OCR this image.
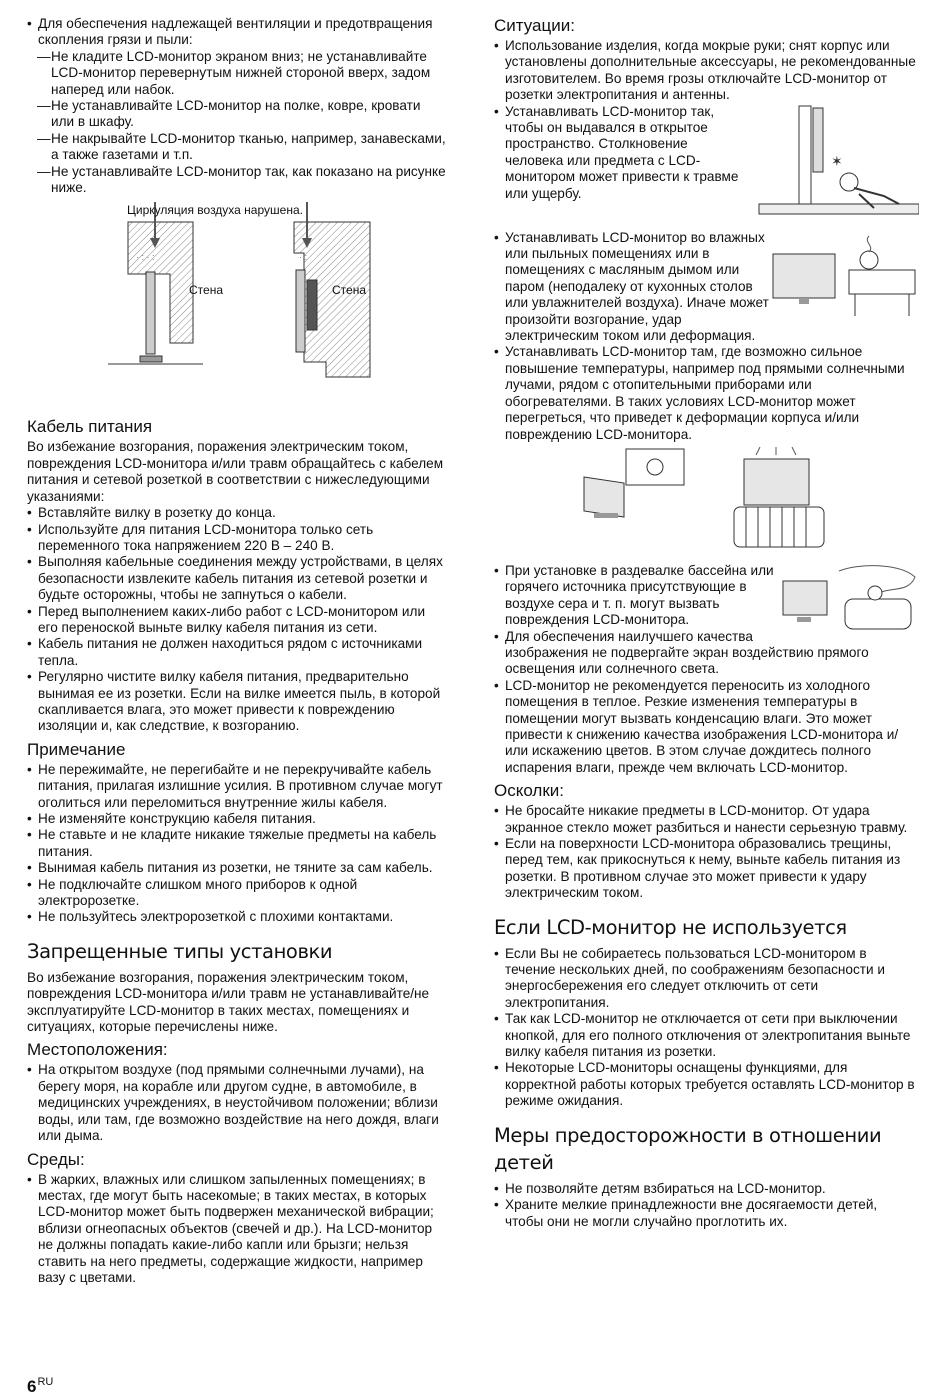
• Для обеспечения надлежащей вентиляции и предотвращения скопления грязи и пыли:
— Не кладите LCD-монитор экраном вниз; не устанавливайте LCD-монитор перевернутым нижней стороной вверх, задом наперед или набок.
— Не устанавливайте LCD-монитор на полке, ковре, кровати или в шкафу.
— Не накрывайте LCD-монитор тканью, например, занавесками, а также газетами и т.п.
— Не устанавливайте LCD-монитор так, как показано на рисунке ниже.
Циркуляция воздуха нарушена.
· : · :	· :
Стена	Стена
Кабель питания

Во избежание возгорания, поражения электрическим током, повреждения LCD-монитора и/или травм обращайтесь с кабелем питания и сетевой розеткой в соответствии с нижеследующими указаниями:

• Вставляйте вилку в розетку до конца.
• Используйте для питания LCD-монитора только сеть переменного тока напряжением 220 В – 240 В.
• Выполняя кабельные соединения между устройствами, в целях безопасности извлеките кабель питания из сетевой розетки и будьте осторожны, чтобы не запнуться о кабели.
• Перед выполнением каких-либо работ с LCD-монитором или его переноской выньте вилку кабеля питания из сети.
• Кабель питания не должен находиться рядом с источниками тепла.
• Регулярно чистите вилку кабеля питания, предварительно вынимая ее из розетки. Если на вилке имеется пыль, в которой скапливается влага, это может привести к повреждению изоляции и, как следствие, к возгоранию.
Примечание
• Не пережимайте, не перегибайте и не перекручивайте кабель питания, прилагая излишние усилия. В противном случае могут оголиться или переломиться внутренние жилы кабеля.
• Не изменяйте конструкцию кабеля питания.
• Не ставьте и не кладите никакие тяжелые предметы на кабель питания.
• Вынимая кабель питания из розетки, не тяните за сам кабель.
• Не подключайте слишком много приборов к одной электророзетке.
• Не пользуйтесь электророзеткой с плохими контактами.
Запрещенные типы установки

Во избежание возгорания, поражения электрическим током, повреждения LCD-монитора и/или травм не устанавливайте/не эксплуатируйте LCD-монитор в таких местах, помещениях и ситуациях, которые перечислены ниже.

Местоположения:
• На открытом воздухе (под прямыми солнечными лучами), на берегу моря, на корабле или другом судне, в автомобиле, в медицинских учреждениях, в неустойчивом положении; вблизи воды, или там, где возможно воздействие на него дождя, влаги или дыма.
Среды:
• В жарких, влажных или слишком запыленных помещениях; в местах, где могут быть насекомые; в таких местах, в которых LCD-монитор может быть подвержен механической вибрации; вблизи огнеопасных объектов (свечей и др.). На LCD-монитор не должны попадать какие-либо капли или брызги; нельзя ставить на него предметы, содержащие жидкости, например вазу с цветами.
Ситуации:
• Использование изделия, когда мокрые руки; снят корпус или установлены дополнительные аксессуары, не рекомендованные изготовителем. Во время грозы отключайте LCD-монитор от розетки электропитания и антенны.
• ✶
Устанавливать LCD-монитор так, чтобы он выдавался в открытое пространство. Столкновение человека или предмета с LCD-монитором может привести к травме или ущербу.
• Устанавливать LCD-монитор во влажных или пыльных помещениях или в помещениях с масляным дымом или паром (неподалеку от кухонных столов или увлажнителей воздуха). Иначе может произойти возгорание, удар электрическим током или деформация.
• Устанавливать LCD-монитор там, где возможно сильное повышение температуры, например под прямыми солнечными лучами, рядом с отопительными приборами или обогревателями. В таких условиях LCD-монитор может перегреться, что приведет к деформации корпуса и/или повреждению LCD-монитора.
• При установке в раздевалке бассейна или горячего источника присутствующие в воздухе сера и т. п. могут вызвать повреждения LCD-монитора.
• Для обеспечения наилучшего качества изображения не подвергайте экран воздействию прямого освещения или солнечного света.
• LCD-монитор не рекомендуется переносить из холодного помещения в теплое. Резкие изменения температуры в помещении могут вызвать конденсацию влаги. Это может привести к снижению качества изображения LCD-монитора и/или искажению цветов. В этом случае дождитесь полного испарения влаги, прежде чем включать LCD-монитор.
Осколки:
• Не бросайте никакие предметы в LCD-монитор. От удара экранное стекло может разбиться и нанести серьезную травму.
• Если на поверхности LCD-монитора образовались трещины, перед тем, как прикоснуться к нему, выньте кабель питания из розетки. В противном случае это может привести к удару электрическим током.
Если LCD-монитор не используется
• Если Вы не собираетесь пользоваться LCD-монитором в течение нескольких дней, по соображениям безопасности и энергосбережения его следует отключить от сети электропитания.
• Так как LCD-монитор не отключается от сети при выключении кнопкой, для его полного отключения от электропитания выньте вилку кабеля питания из розетки.
• Некоторые LCD-мониторы оснащены функциями, для корректной работы которых требуется оставлять LCD-монитор в режиме ожидания.
Меры предосторожности в отношении детей
• Не позволяйте детям взбираться на LCD-монитор.
• Храните мелкие принадлежности вне досягаемости детей, чтобы они не могли случайно проглотить их.
$6^{RU}$
